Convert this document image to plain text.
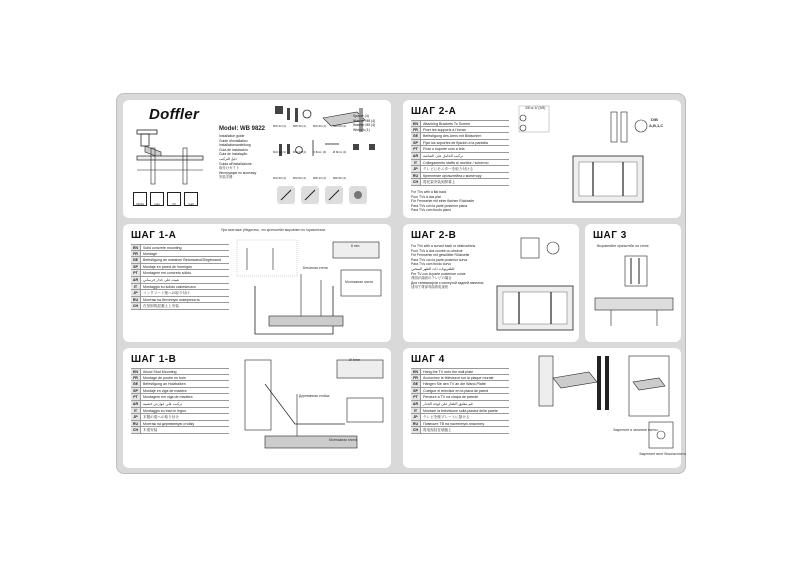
Doffler
Model: WB 9822
Installation guide
Guide d'installation
Installationsanleitung
Guía de instalación
Guia de Instalação
دليل التركيب
Guida all'installazione
取付けガイド
Инструкция по монтажу
安装手册
VESA	max	TV	wall
M6×12 (4)	M8×30 (4)	M6×30 (4)	M8×50 (4)
M4×12 (4)	M5×12 (4)	D 8mm (4)	Ø 8mm (4)
M4×30 (4)	M5×30 (4)	M8×12 (4)	M8×30 (4)
Spacer (4)
Washer M8 (4)
Washer M5 (4)
Wrench (1)
ШАГ 2-A
EN	Attaching Brackets To Screen
FR	Fixer les supports à l'écran
GE	Befestigung des Arms mit Bildschirm
SP	Fijar los soportes de fijación a la pantalla
PT	Fixar o suporte com a tela
AR	تركيب الحامل على الشاشة
IT	Collegamento staffa al monitor / schermo
JP	テレビにモニターを取り付ける
RU	Крепление кронштейна к монитору
CH	将托架安装到屏幕上
For TVs with a flat back
Pour TVs à dos plat
Für Fernseher mit einer flachen Rückseite
Para TVs con la parte posterior plana
Para TVs com fundo plano
3/8 or 4/ (3/8)
D/B
A,B,1,C
ШАГ 1-A
EN	Solid concrete mounting
FR	Montage
GE	Befestigung an massiver Betonwand/Ziegelwand
SP	Montaje en pared de hormigón
PT	Montagem em concreto sólido
AR	تثبيت على جدار خرساني
IT	Montaggio su solido calcestruzzo
JP	コンクリート壁への取り付け
RU	Монтаж на бетонную поверхность
CH	在坚固的混凝土上安装
При монтаже убедитесь, что кронштейн выровнен по горизонтали
Бетонная стена
Монтажная плита
8 mm
ШАГ 2-B
For TVs with a curved back or obstructions
Pour TVs à dos courbé ou obstrué
Für Fernseher mit gewölbter Rückseite
Para TVs con la parte posterior curva
Para TVs com fundo curvo
للتلفزيونات ذات الظهر المنحني
Per TV con la parte posteriore curva
背面が曲面のテレビの場合
Для телевизоров с изогнутой задней панелью
适用于背部弯曲的电视机
ШАГ 3
Выровняйте кронштейн на стене
ШАГ 1-B
EN	Wood Stud Mounting
FR	Montage de poutre en bois
GE	Befestigung an Holzbalken
SP	Montaje en viga de madera
PT	Montagem em viga de madeira
AR	تركيب على عوارض خشبية
IT	Montaggio su travi in legno
JP	木製の梁への取り付け
RU	Монтаж на деревянную стойку
CH	木梁安装
Деревянная стойка
Монтажная плита
Ø 4mm	ШАГ 4
EN	Hang the TV onto the wall plate
FR	Accrochez le téléviseur sur la plaque murale
GE	Hängen Sie den TV an die Wand-Platte
SP	Cuelgue el televisor en la placa de pared
PT	Pendure a TV na chapa de parede
AR	قم بتعليق التلفاز على لوحة الجدار
IT	Montare la televisione sulla piastra della parete
JP	テレビを壁プレートに掛ける
RU	Повесьте ТВ на настенную пластину
CH	将电视挂在墙板上	Закрепите и затяните винты
Закрепите винт безопасности
